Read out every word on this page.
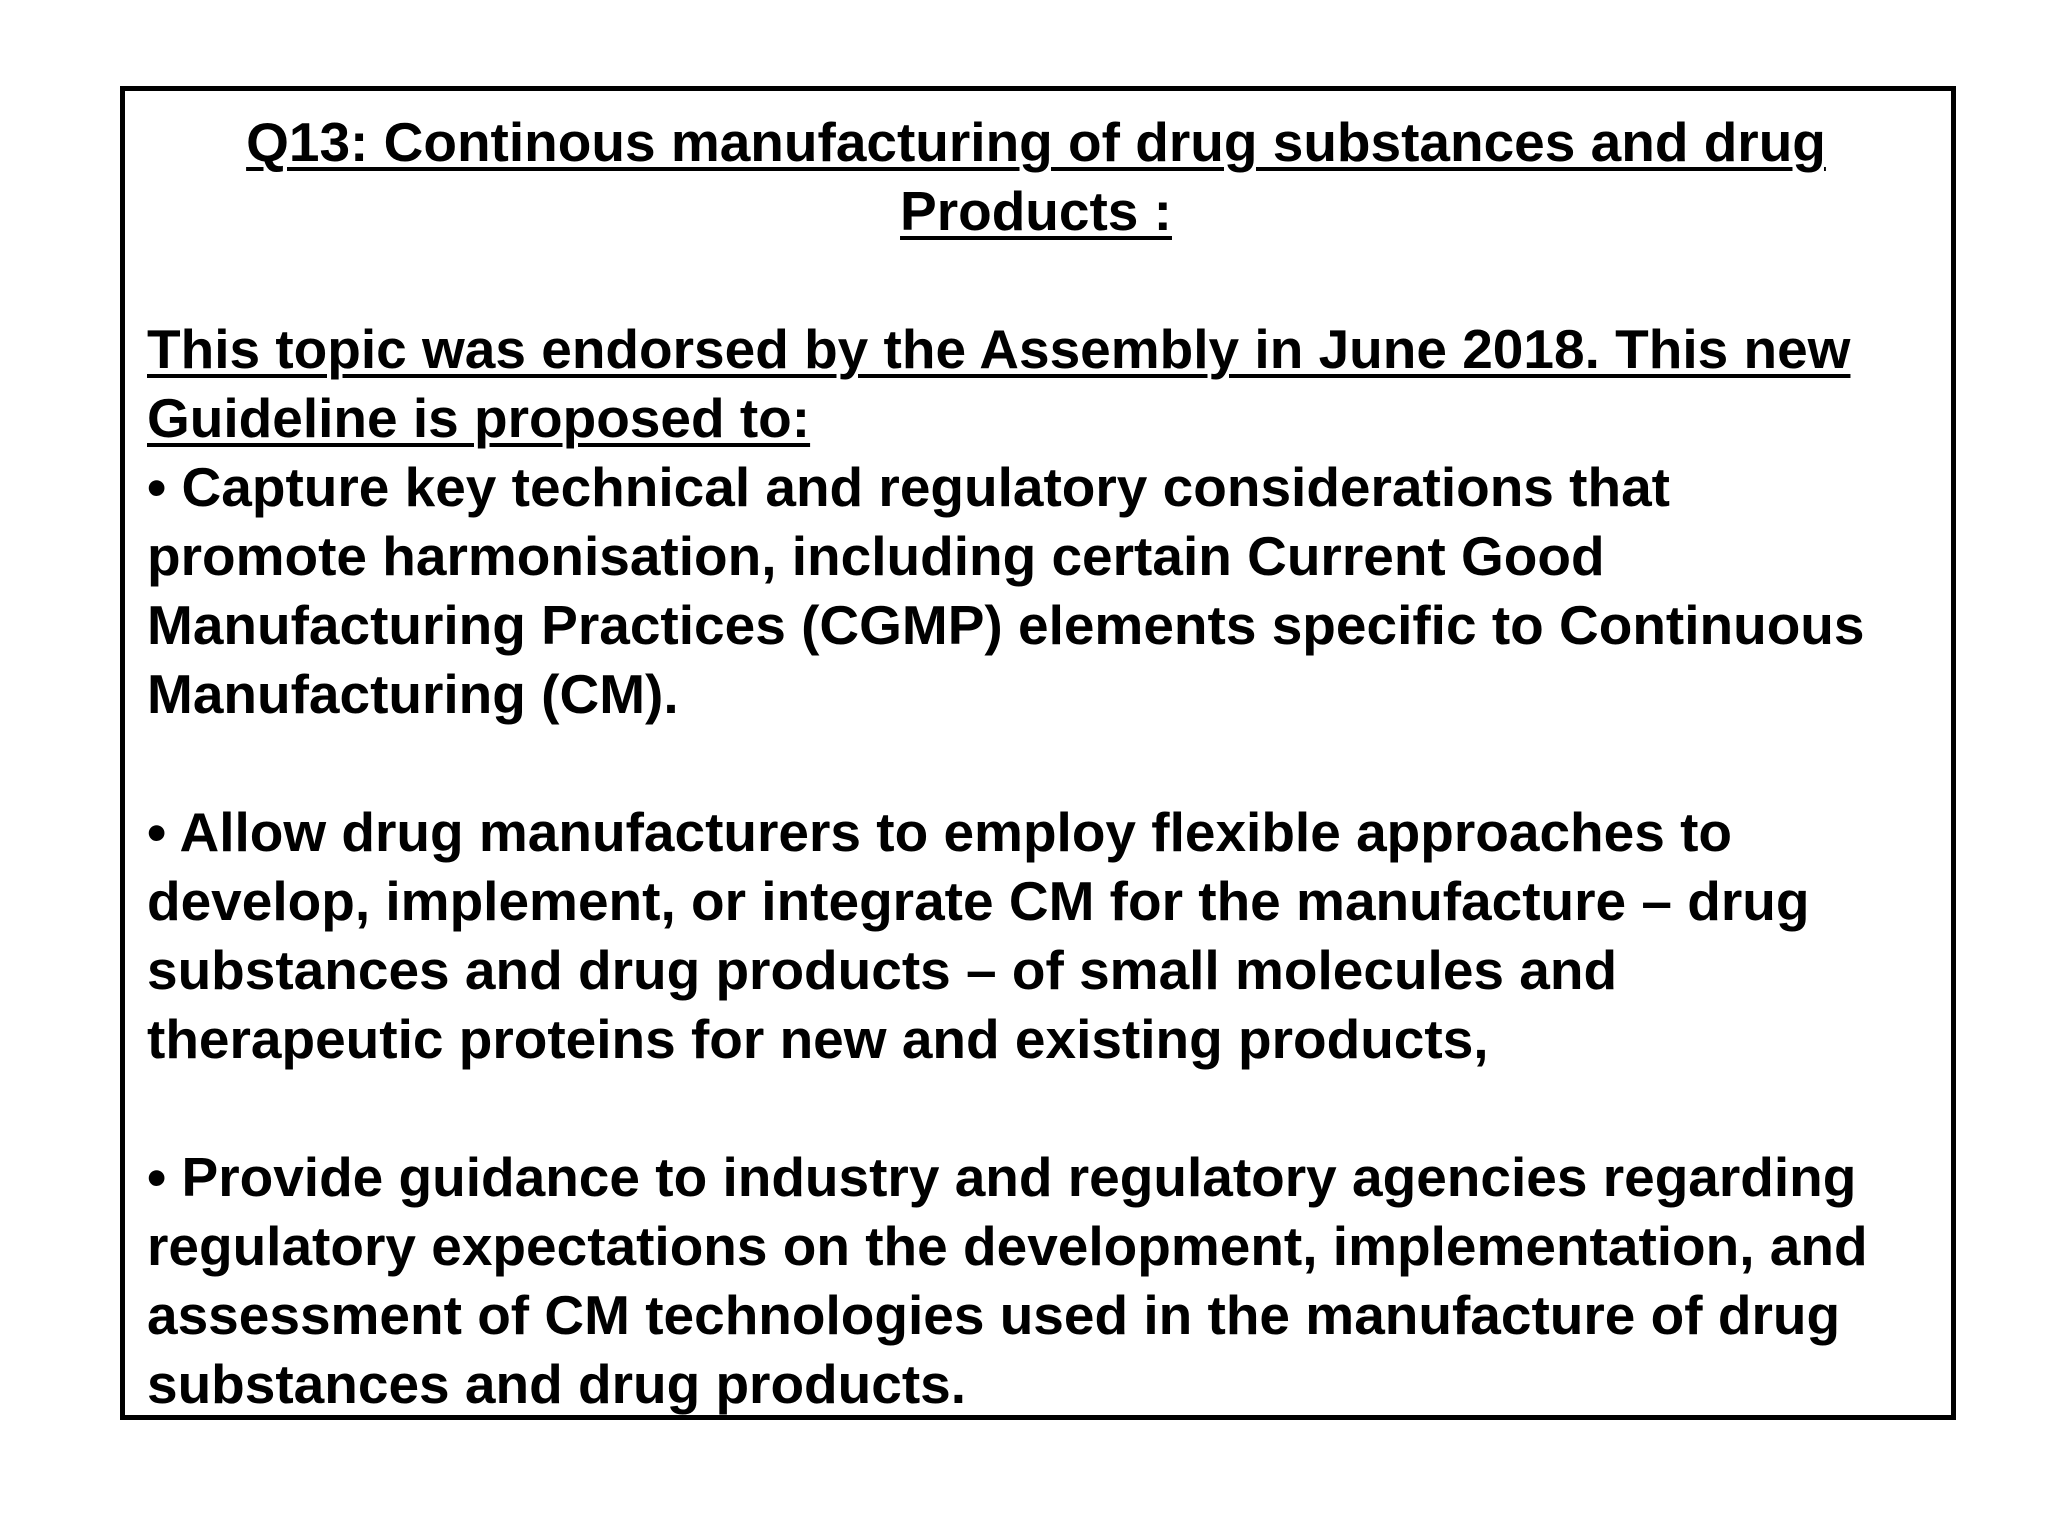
Q13: Continous manufacturing of drug substances and drug
Products :

This topic was endorsed by the Assembly in June 2018. This new
Guideline is proposed to:

• Capture key technical and regulatory considerations that
promote harmonisation, including certain Current Good
Manufacturing Practices (CGMP) elements specific to Continuous
Manufacturing (CM).

• Allow drug manufacturers to employ flexible approaches to
develop, implement, or integrate CM for the manufacture – drug
substances and drug products – of small molecules and
therapeutic proteins for new and existing products,

• Provide guidance to industry and regulatory agencies regarding
regulatory expectations on the development, implementation, and
assessment of CM technologies used in the manufacture of drug
substances and drug products.
